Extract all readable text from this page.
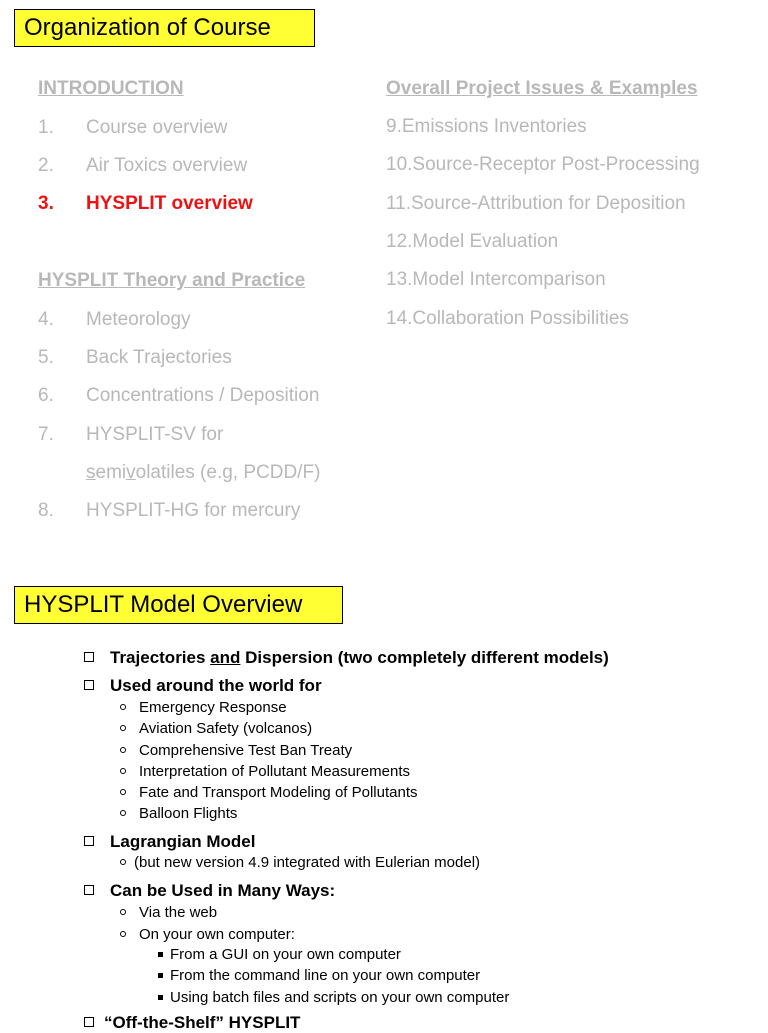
Organization of Course
INTRODUCTION
1. Course overview
2. Air Toxics overview
3. HYSPLIT overview
HYSPLIT Theory and Practice
4. Meteorology
5. Back Trajectories
6. Concentrations / Deposition
7. HYSPLIT-SV for
semivolatiles (e.g, PCDD/F)
8. HYSPLIT-HG for mercury
Overall Project Issues & Examples
9.Emissions Inventories
10.Source-Receptor Post-Processing
11.Source-Attribution for Deposition
12.Model Evaluation
13.Model Intercomparison
14.Collaboration Possibilities
HYSPLIT Model Overview
Trajectories and Dispersion (two completely different models)
Used around the world for
Emergency Response
Aviation Safety (volcanos)
Comprehensive Test Ban Treaty
Interpretation of Pollutant Measurements
Fate and Transport Modeling of Pollutants
Balloon Flights
Lagrangian Model
(but new version 4.9 integrated with Eulerian model)
Can be Used in Many Ways:
Via the web
On your own computer:
From a GUI on your own computer
From the command line on your own computer
Using batch files and scripts on your own computer
“Off-the-Shelf” HYSPLIT
